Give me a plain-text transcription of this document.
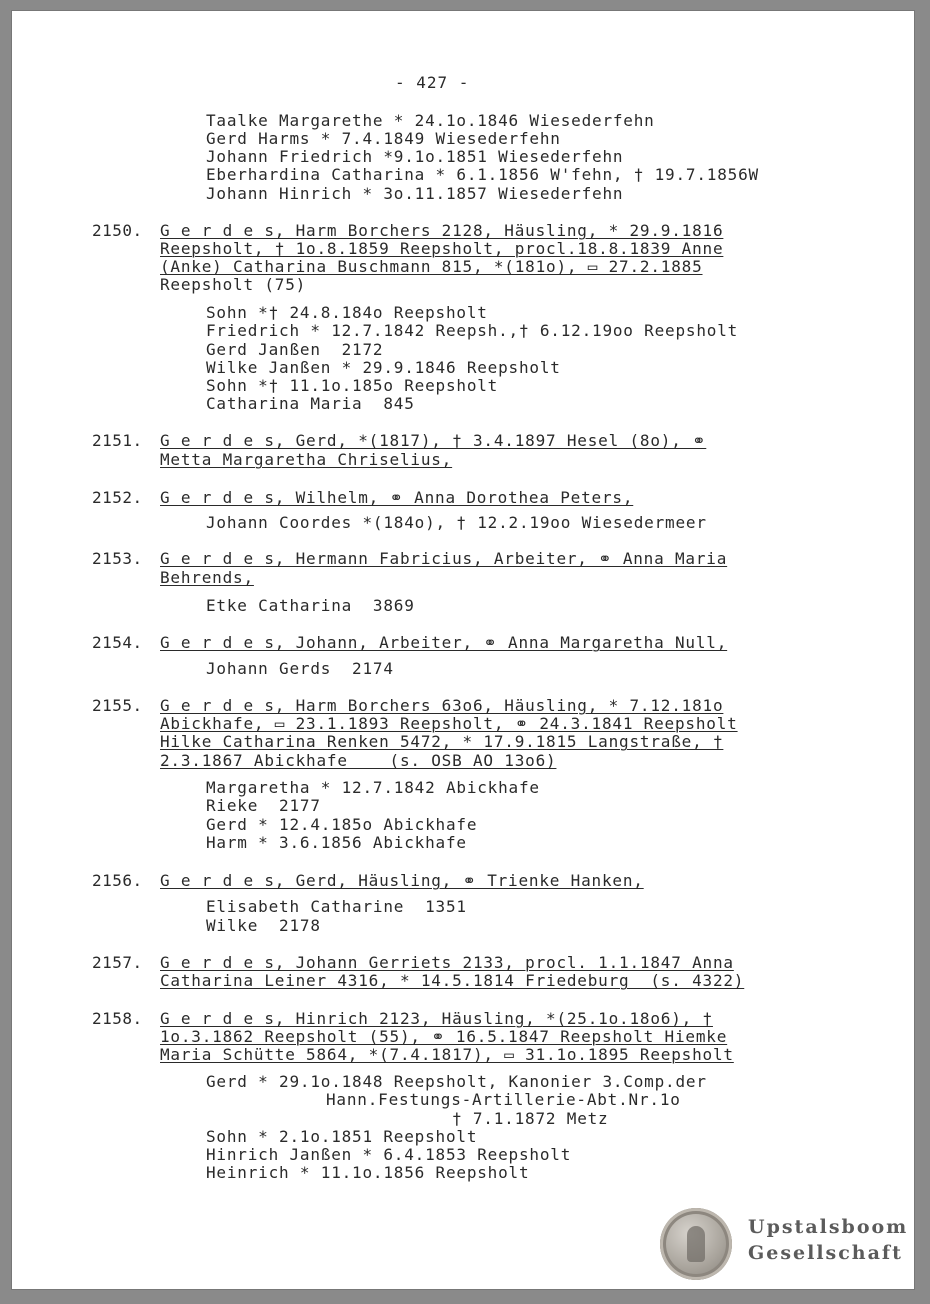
- 427 -
Taalke Margarethe * 24.1o.1846 Wiesederfehn
Gerd Harms * 7.4.1849 Wiesederfehn
Johann Friedrich *9.1o.1851 Wiesederfehn
Eberhardina Catharina * 6.1.1856 W'fehn, † 19.7.1856W
Johann Hinrich * 3o.11.1857 Wiesederfehn
2150. G e r d e s, Harm Borchers 2128, Häusling, * 29.9.1816
Reepsholt, † 1o.8.1859 Reepsholt, procl.18.8.1839 Anne
(Anke) Catharina Buschmann 815, *(181o), ▭ 27.2.1885
Reepsholt (75)
Sohn *† 24.8.184o Reepsholt
Friedrich * 12.7.1842 Reepsh.,† 6.12.19oo Reepsholt
Gerd Janßen  2172
Wilke Janßen * 29.9.1846 Reepsholt
Sohn *† 11.1o.185o Reepsholt
Catharina Maria  845
2151. G e r d e s, Gerd, *(1817), † 3.4.1897 Hesel (8o), ⚭
Metta Margaretha Chriselius,
2152. G e r d e s, Wilhelm, ⚭ Anna Dorothea Peters,
Johann Coordes *(184o), † 12.2.19oo Wiesedermeer
2153. G e r d e s, Hermann Fabricius, Arbeiter, ⚭ Anna Maria
Behrends,
Etke Catharina  3869
2154. G e r d e s, Johann, Arbeiter, ⚭ Anna Margaretha Null,
Johann Gerds  2174
2155. G e r d e s, Harm Borchers 63o6, Häusling, * 7.12.181o
Abickhafe, ▭ 23.1.1893 Reepsholt, ⚭ 24.3.1841 Reepsholt
Hilke Catharina Renken 5472, * 17.9.1815 Langstraße, †
2.3.1867 Abickhafe    (s. OSB AO 13o6)
Margaretha * 12.7.1842 Abickhafe
Rieke  2177
Gerd * 12.4.185o Abickhafe
Harm * 3.6.1856 Abickhafe
2156. G e r d e s, Gerd, Häusling, ⚭ Trienke Hanken,
Elisabeth Catharine  1351
Wilke  2178
2157. G e r d e s, Johann Gerriets 2133, procl. 1.1.1847 Anna
Catharina Leiner 4316, * 14.5.1814 Friedeburg  (s. 4322)
2158. G e r d e s, Hinrich 2123, Häusling, *(25.1o.18o6), †
1o.3.1862 Reepsholt (55), ⚭ 16.5.1847 Reepsholt Hiemke
Maria Schütte 5864, *(7.4.1817), ▭ 31.1o.1895 Reepsholt
Gerd * 29.1o.1848 Reepsholt, Kanonier 3.Comp.der
Hann.Festungs-Artillerie-Abt.Nr.1o
† 7.1.1872 Metz
Sohn * 2.1o.1851 Reepsholt
Hinrich Janßen * 6.4.1853 Reepsholt
Heinrich * 11.1o.1856 Reepsholt
Upstalsboom
Gesellschaft
